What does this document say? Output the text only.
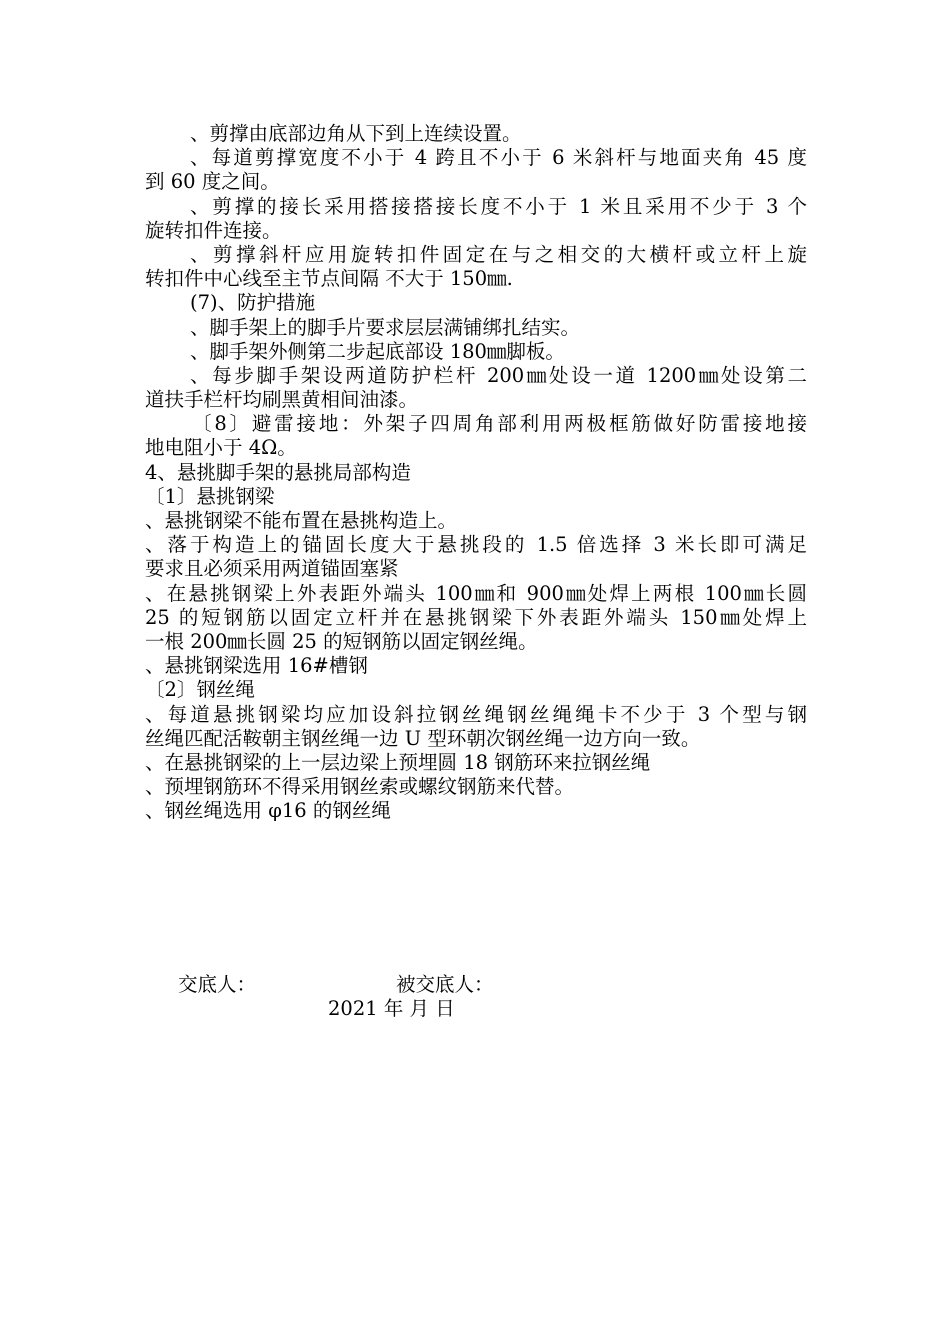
、剪撑由底部边角从下到上连续设置。
、每道剪撑宽度不小于 4 跨且不小于 6 米斜杆与地面夹角 45 度
到 60 度之间。
、剪撑的接长采用搭接搭接长度不小于 1 米且采用不少于 3 个
旋转扣件连接。
、剪撑斜杆应用旋转扣件固定在与之相交的大横杆或立杆上旋
转扣件中心线至主节点间隔 不大于 150㎜.
(7)、防护措施
、脚手架上的脚手片要求层层满铺绑扎结实。
、脚手架外侧第二步起底部设 180㎜脚板。
、每步脚手架设两道防护栏杆 200㎜处设一道 1200㎜处设第二
道扶手栏杆均刷黑黄相间油漆。
〔8〕避雷接地：外架子四周角部利用两极框筋做好防雷接地接
地电阻小于 4Ω。
4、悬挑脚手架的悬挑局部构造
〔1〕悬挑钢梁
、悬挑钢梁不能布置在悬挑构造上。
、落于构造上的锚固长度大于悬挑段的 1.5 倍选择 3 米长即可满足
要求且必须采用两道锚固塞紧
、在悬挑钢梁上外表距外端头 100㎜和 900㎜处焊上两根 100㎜长圆
25 的短钢筋以固定立杆并在悬挑钢梁下外表距外端头 150㎜处焊上
一根 200㎜长圆 25 的短钢筋以固定钢丝绳。
、悬挑钢梁选用 16#槽钢
〔2〕钢丝绳
、每道悬挑钢梁均应加设斜拉钢丝绳钢丝绳绳卡不少于 3 个型与钢
丝绳匹配活鞍朝主钢丝绳一边 U 型环朝次钢丝绳一边方向一致。
、在悬挑钢梁的上一层边梁上预埋圆 18 钢筋环来拉钢丝绳
、预埋钢筋环不得采用钢丝索或螺纹钢筋来代替。
、钢丝绳选用 φ16 的钢丝绳
交底人：	被交底人：
2021 年 月 日
